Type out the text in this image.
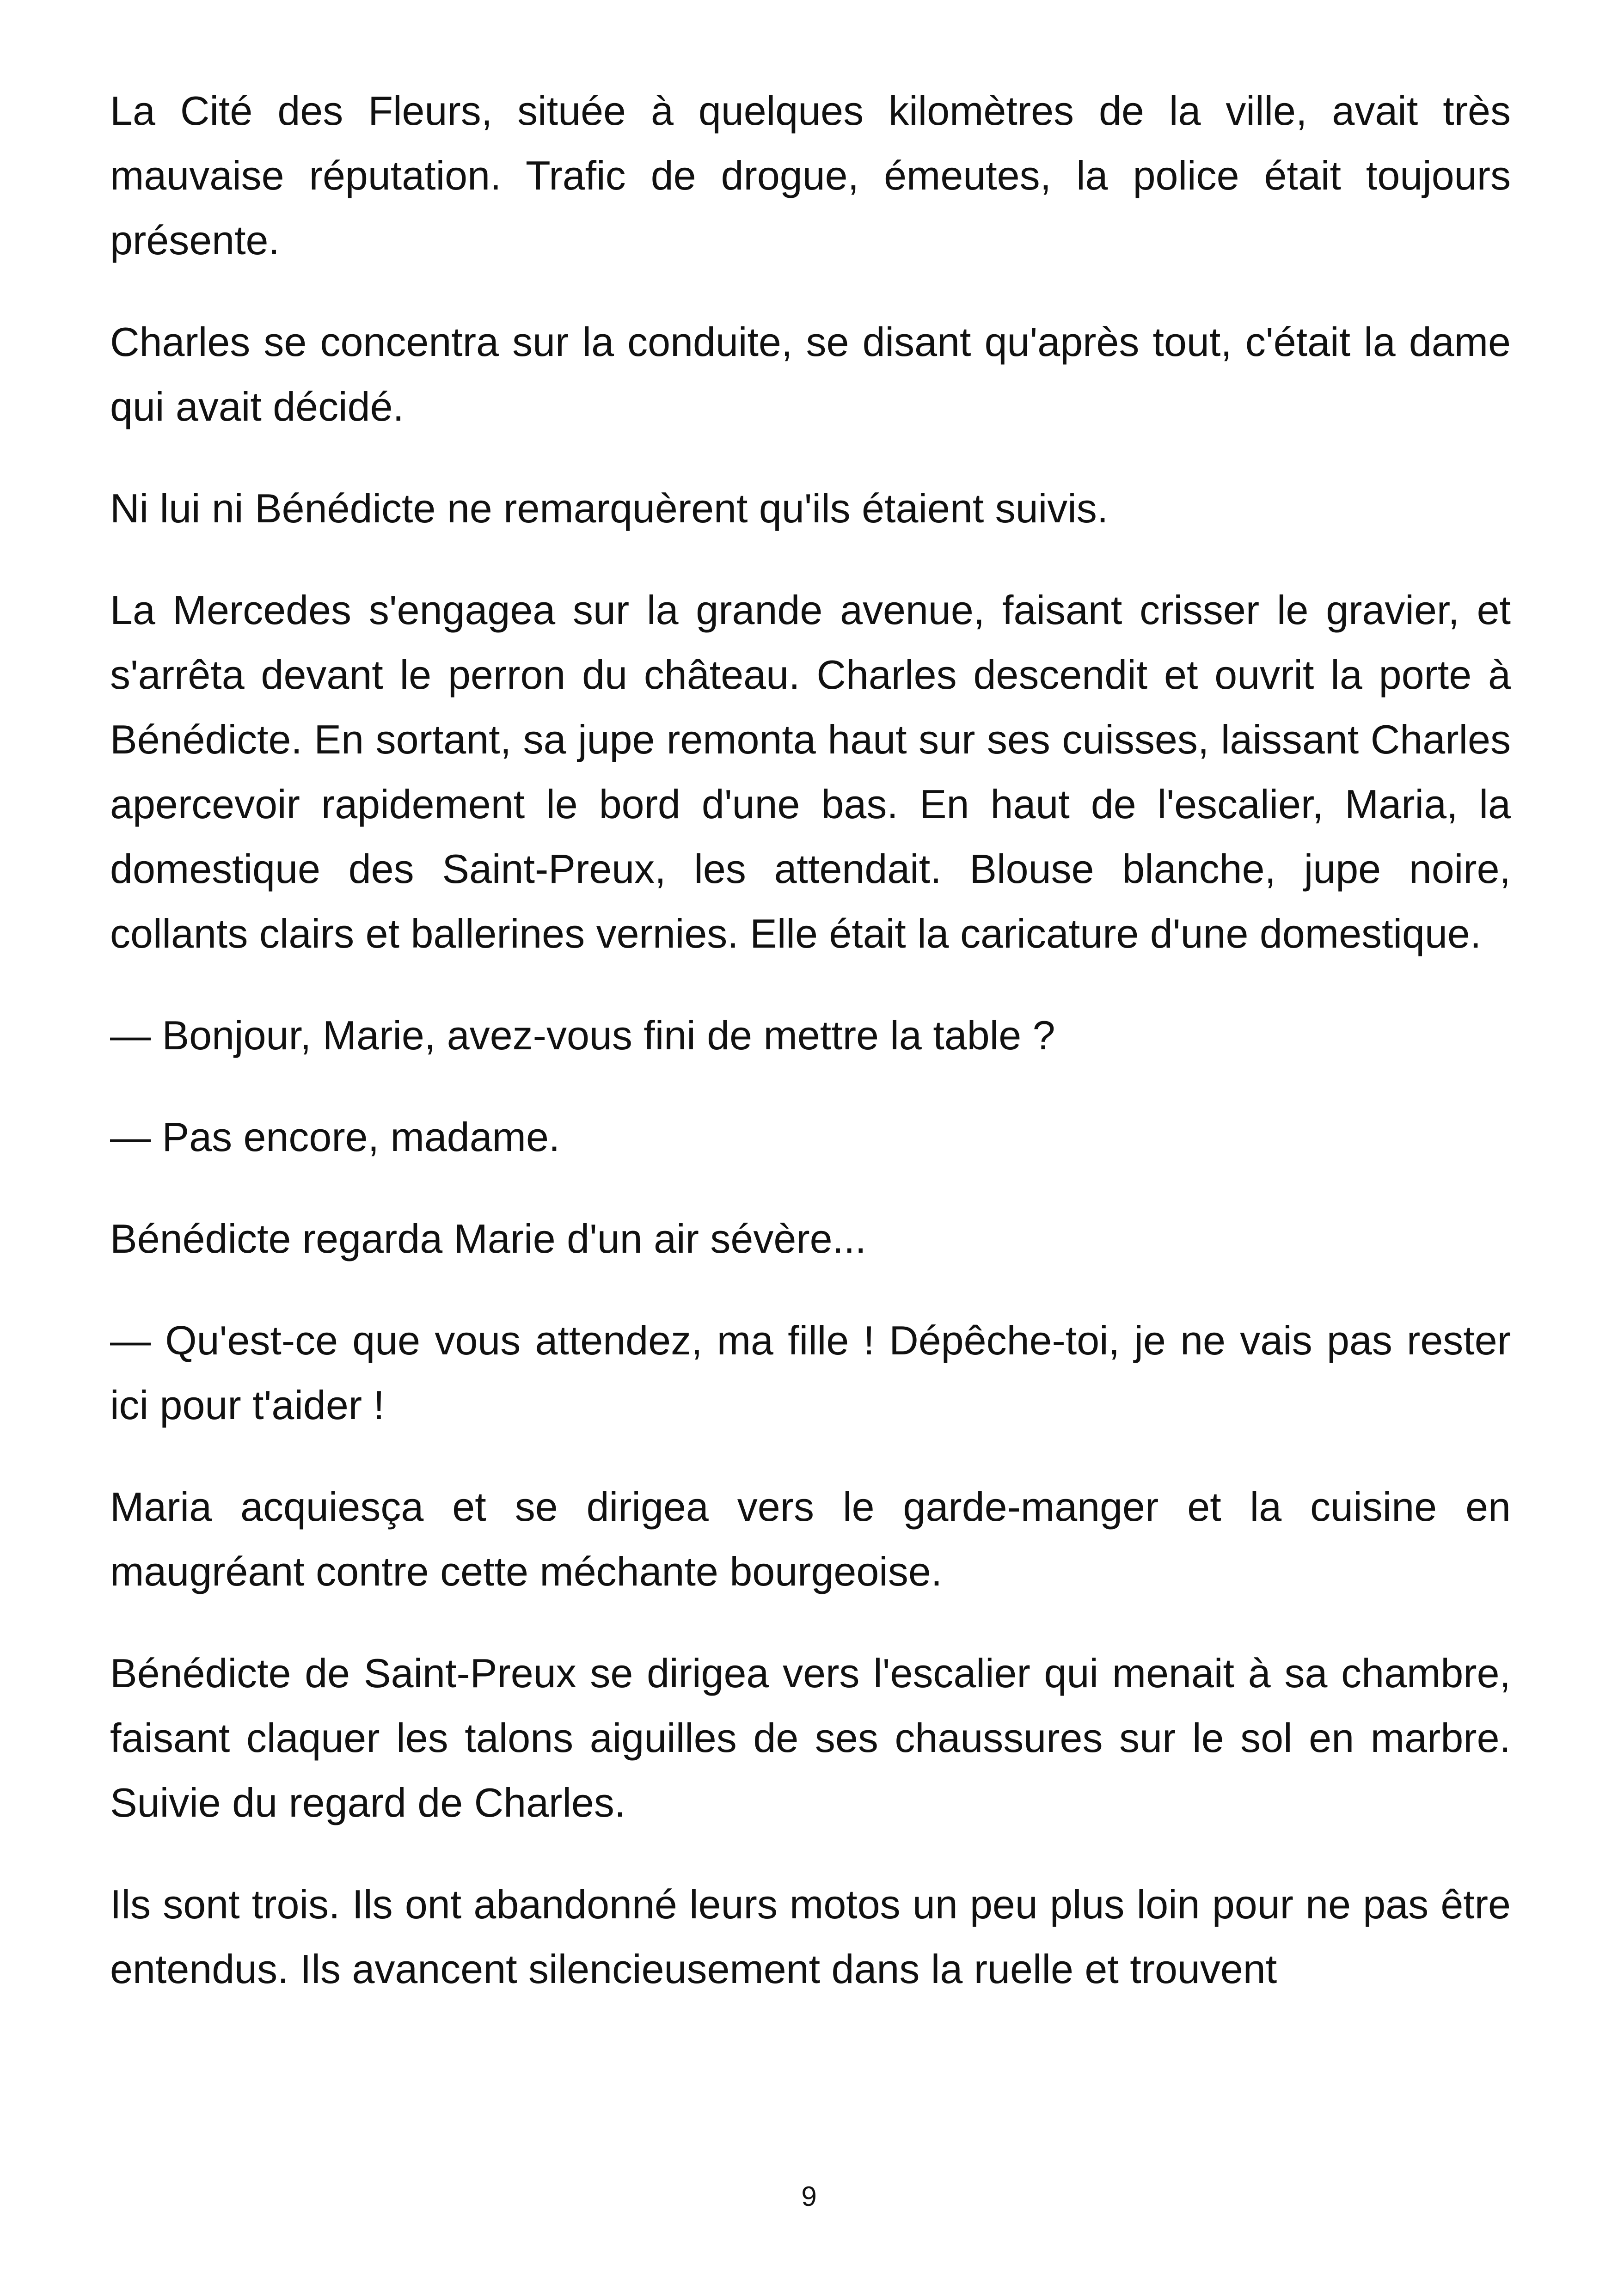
La Cité des Fleurs, située à quelques kilomètres de la ville, avait très mauvaise réputation. Trafic de drogue, émeutes, la police était toujours présente.

Charles se concentra sur la conduite, se disant qu'après tout, c'était la dame qui avait décidé.

Ni lui ni Bénédicte ne remarquèrent qu'ils étaient suivis.

La Mercedes s'engagea sur la grande avenue, faisant crisser le gravier, et s'arrêta devant le perron du château. Charles descendit et ouvrit la porte à Bénédicte. En sortant, sa jupe remonta haut sur ses cuisses, laissant Charles apercevoir rapidement le bord d'une bas. En haut de l'escalier, Maria, la domestique des Saint-Preux, les attendait. Blouse blanche, jupe noire, collants clairs et ballerines vernies. Elle était la caricature d'une domestique.

— Bonjour, Marie, avez-vous fini de mettre la table ?

— Pas encore, madame.

Bénédicte regarda Marie d'un air sévère...

— Qu'est-ce que vous attendez, ma fille ! Dépêche-toi, je ne vais pas rester ici pour t'aider !

Maria acquiesça et se dirigea vers le garde-manger et la cuisine en maugréant contre cette méchante bourgeoise.

Bénédicte de Saint-Preux se dirigea vers l'escalier qui menait à sa chambre, faisant claquer les talons aiguilles de ses chaussures sur le sol en marbre. Suivie du regard de Charles.

Ils sont trois. Ils ont abandonné leurs motos un peu plus loin pour ne pas être entendus. Ils avancent silencieusement dans la ruelle et trouvent

9
